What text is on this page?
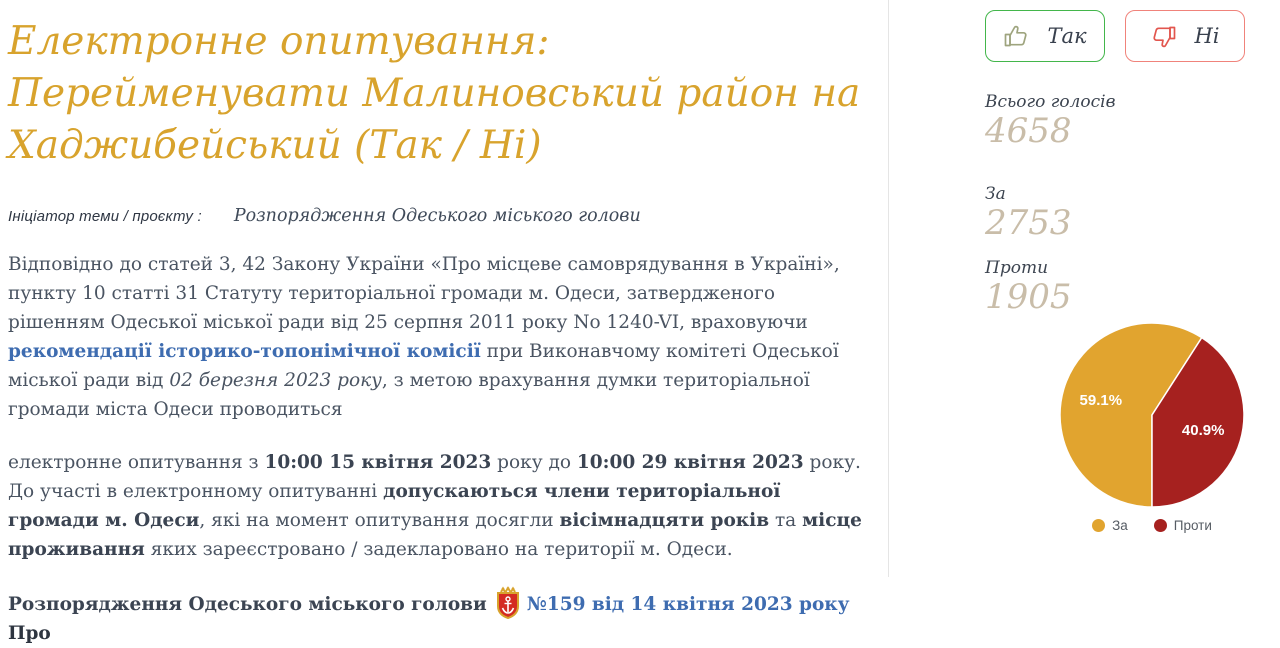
Електронне опитування:
Перейменувати Малиновський район на
Хаджибейський (Так / Ні)
Ініціатор теми / проєкту : Розпорядження Одеського міського голови

Відповідно до статей 3, 42 Закону України «Про місцеве самоврядування в Україні», пункту 10 статті 31 Статуту територіальної громади м. Одеси, затвердженого рішенням Одеської міської ради від 25 серпня 2011 року No 1240-VI, враховуючи рекомендації історико-топонімічної комісії при Виконавчому комітеті Одеської міської ради від 02 березня 2023 року, з метою врахування думки територіальної громади міста Одеси проводиться

електронне опитування з 10:00 15 квітня 2023 року до 10:00 29 квітня 2023 року. До участі в електронному опитуванні допускаються члени територіальної громади м. Одеси, які на момент опитування досягли вісімнадцяти років та місце проживання яких зареєстровано / задекларовано на території м. Одеси.

Розпорядження Одеського міського голови №159 від 14 квітня 2023 року Про

Так	Ні
Всього голосів
4658
За
2753
Проти
1905
59.1%
40.9%
За	Проти
